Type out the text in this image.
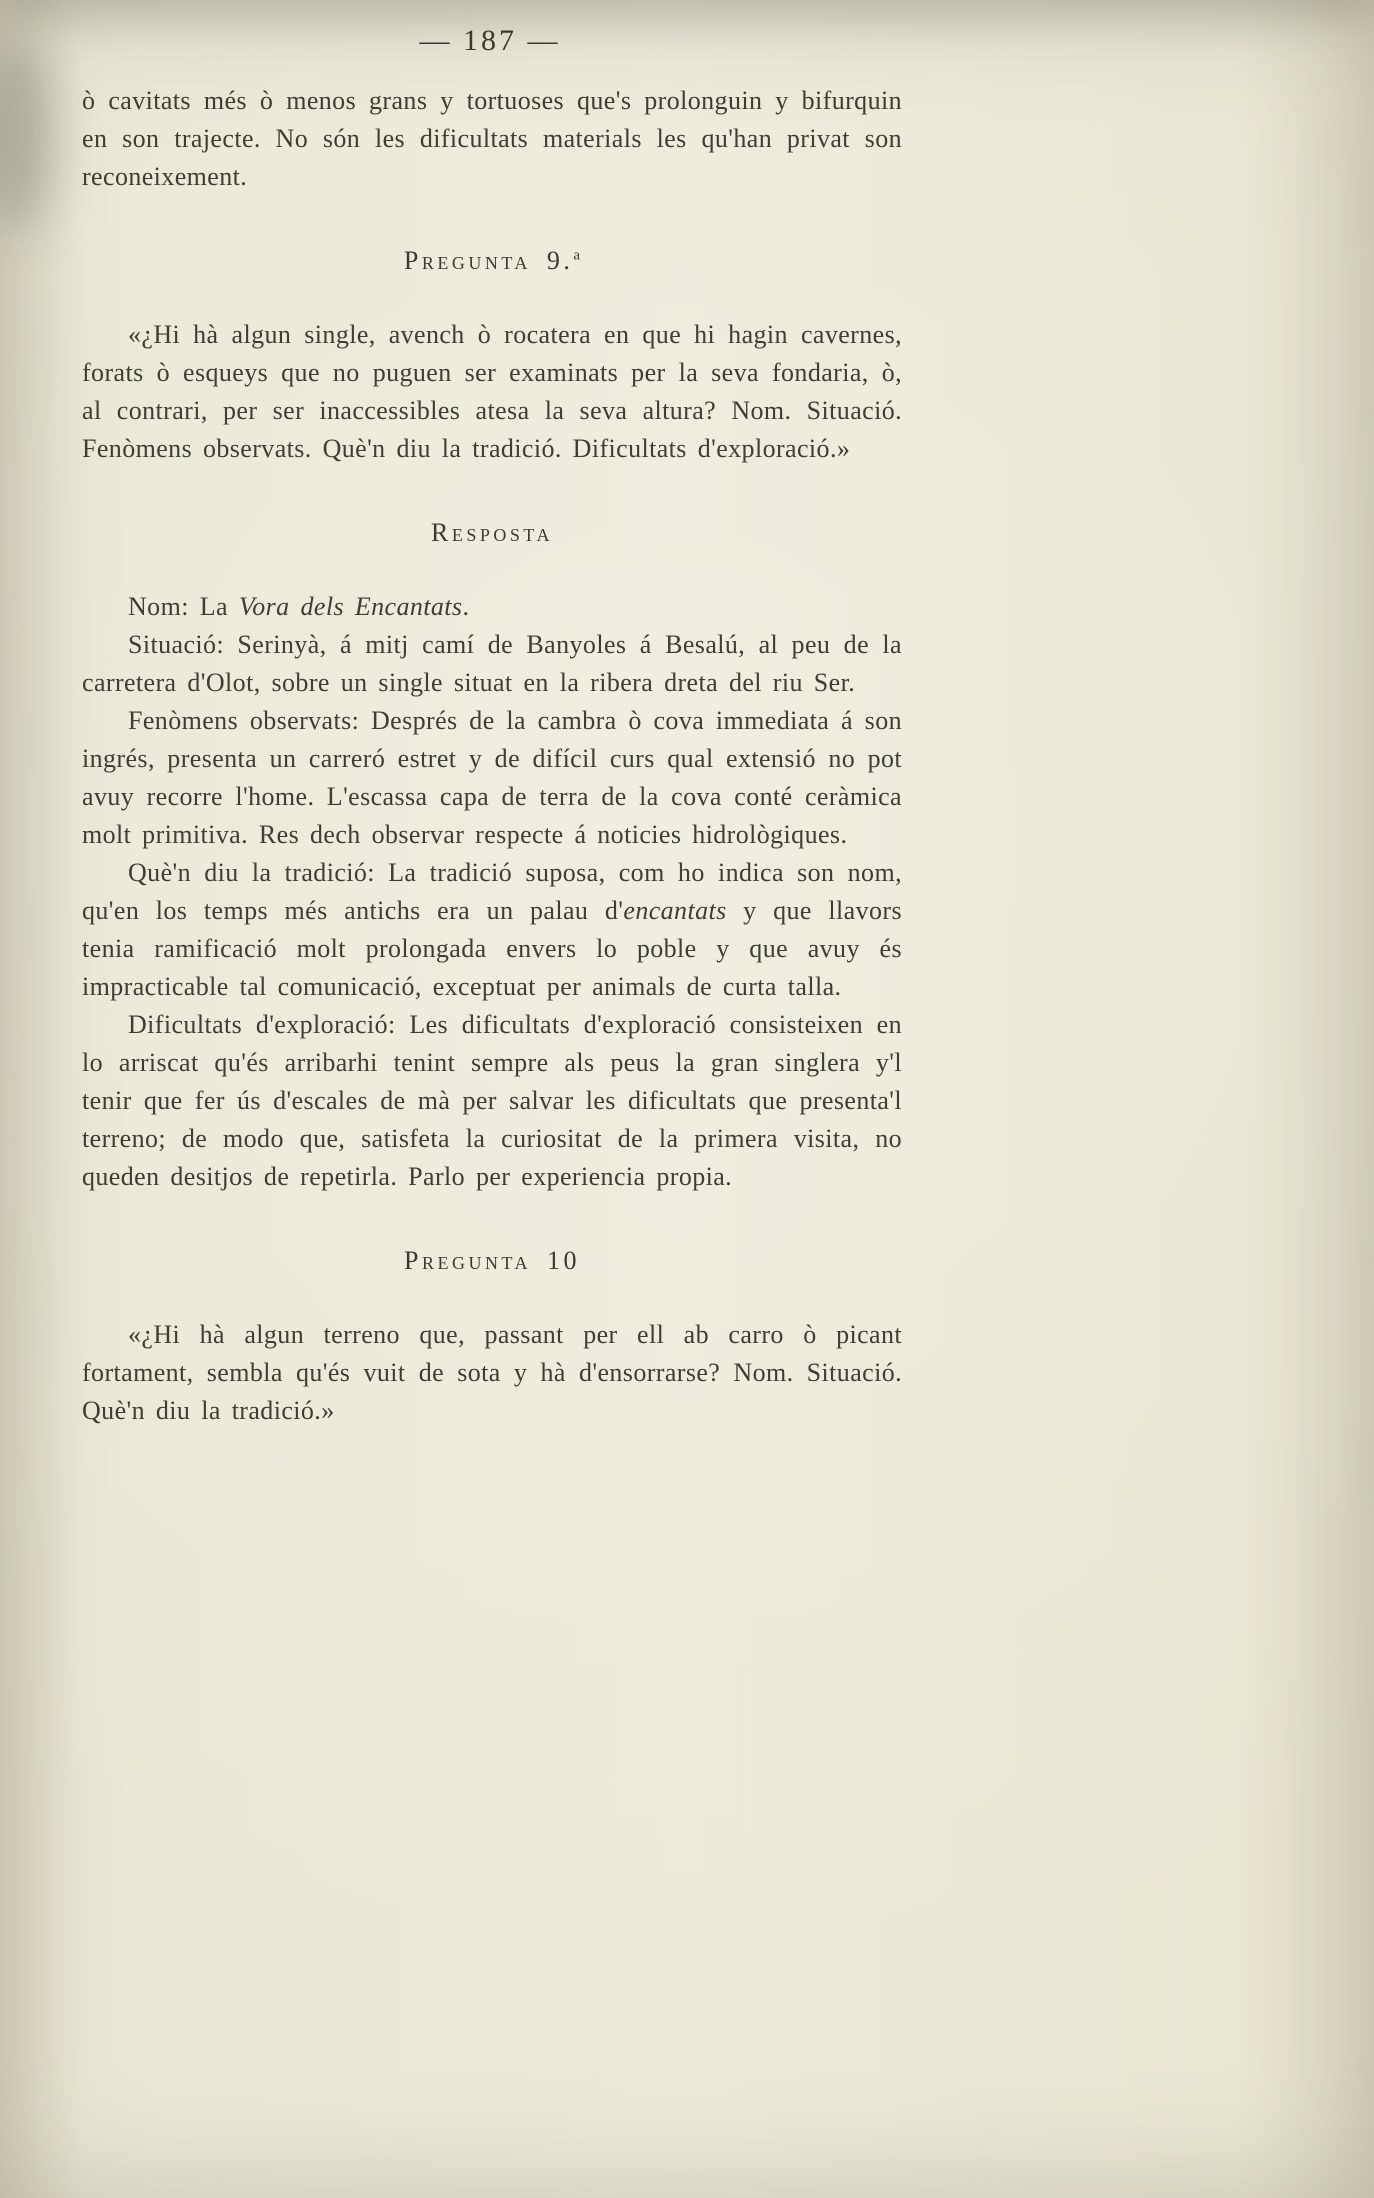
— 187 —

ò cavitats més ò menos grans y tortuoses que's prolonguin y bifurquin en son trajecte. No són les dificultats materials les qu'han privat son reconeixement.

Pregunta 9.$^a$

«¿Hi hà algun single, avench ò rocatera en que hi hagin cavernes, forats ò esqueys que no puguen ser examinats per la seva fondaria, ò, al contrari, per ser inaccessibles atesa la seva altura? Nom. Situació. Fenòmens observats. Què'n diu la tradició. Dificultats d'exploració.»

Resposta

Nom: La Vora dels Encantats.

Situació: Serinyà, á mitj camí de Banyoles á Besalú, al peu de la carretera d'Olot, sobre un single situat en la ribera dreta del riu Ser.

Fenòmens observats: Després de la cambra ò cova immediata á son ingrés, presenta un carreró estret y de difícil curs qual extensió no pot avuy recorre l'home. L'escassa capa de terra de la cova conté ceràmica molt primitiva. Res dech observar respecte á noticies hidrològiques.

Què'n diu la tradició: La tradició suposa, com ho indica son nom, qu'en los temps més antichs era un palau d'encantats y que llavors tenia ramificació molt prolongada envers lo poble y que avuy és impracticable tal comunicació, exceptuat per animals de curta talla.

Dificultats d'exploració: Les dificultats d'exploració consisteixen en lo arriscat qu'és arribarhi tenint sempre als peus la gran singlera y'l tenir que fer ús d'escales de mà per salvar les dificultats que presenta'l terreno; de modo que, satisfeta la curiositat de la primera visita, no queden desitjos de repetirla. Parlo per experiencia propia.

Pregunta 10

«¿Hi hà algun terreno que, passant per ell ab carro ò picant fortament, sembla qu'és vuit de sota y hà d'ensorrarse? Nom. Situació. Què'n diu la tradició.»
